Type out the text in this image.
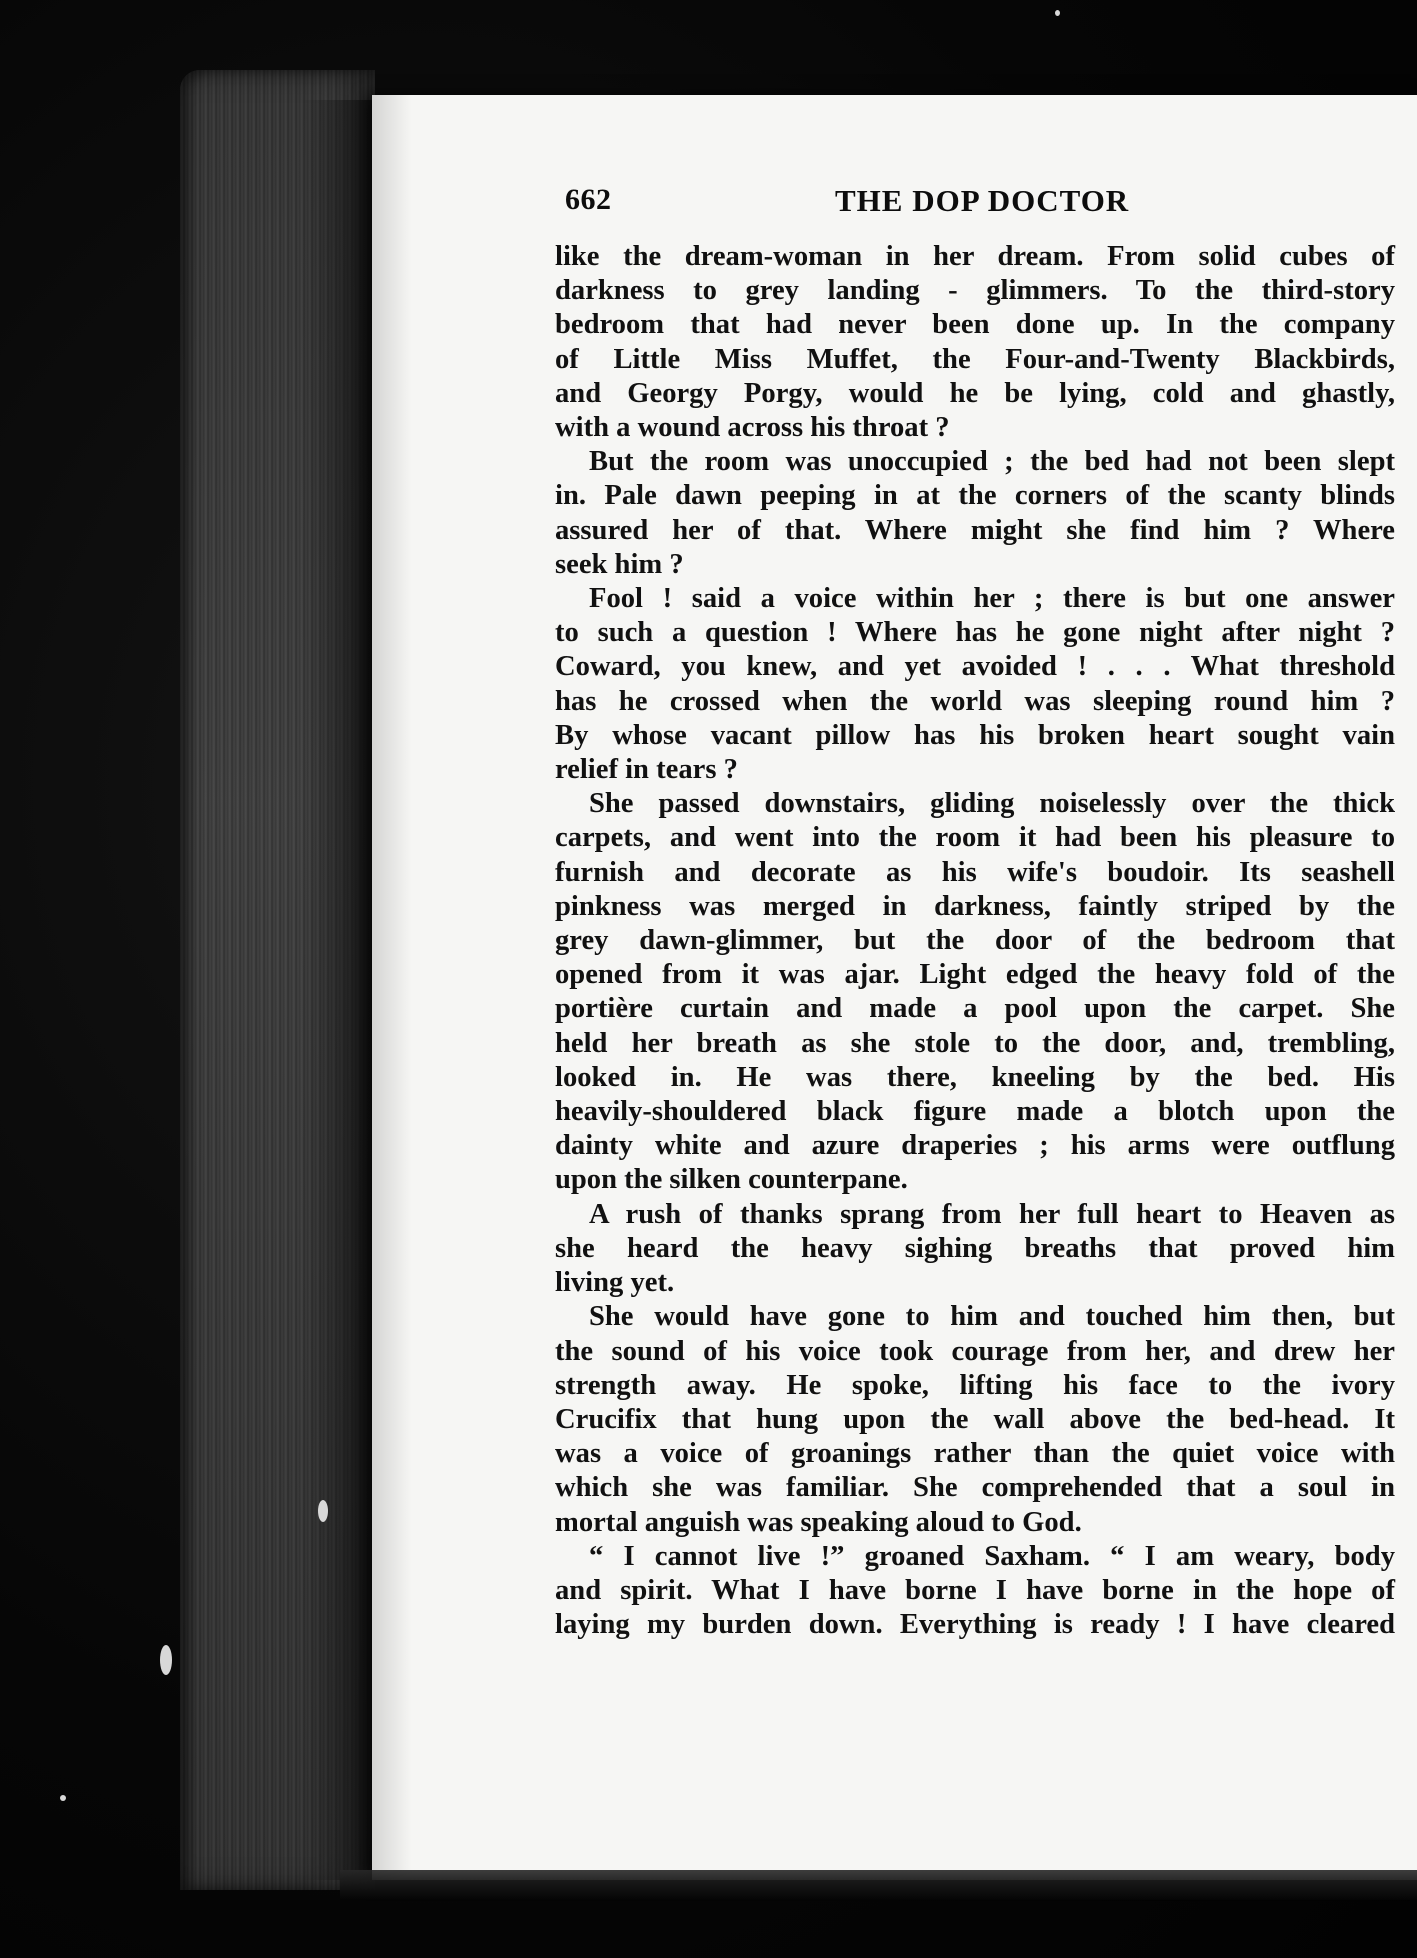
662	THE DOP DOCTOR

like the dream-woman in her dream. From solid cubes of
darkness to grey landing - glimmers. To the third-story
bedroom that had never been done up. In the company
of Little Miss Muffet, the Four-and-Twenty Blackbirds,
and Georgy Porgy, would he be lying, cold and ghastly,
with a wound across his throat ?

But the room was unoccupied ; the bed had not been slept
in. Pale dawn peeping in at the corners of the scanty blinds
assured her of that. Where might she find him ? Where
seek him ?

Fool ! said a voice within her ; there is but one answer
to such a question ! Where has he gone night after night ?
Coward, you knew, and yet avoided ! . . . What threshold
has he crossed when the world was sleeping round him ?
By whose vacant pillow has his broken heart sought vain
relief in tears ?

She passed downstairs, gliding noiselessly over the thick
carpets, and went into the room it had been his pleasure to
furnish and decorate as his wife's boudoir. Its seashell
pinkness was merged in darkness, faintly striped by the
grey dawn-glimmer, but the door of the bedroom that
opened from it was ajar. Light edged the heavy fold of the
portière curtain and made a pool upon the carpet. She
held her breath as she stole to the door, and, trembling,
looked in. He was there, kneeling by the bed. His
heavily-shouldered black figure made a blotch upon the
dainty white and azure draperies ; his arms were outflung
upon the silken counterpane.

A rush of thanks sprang from her full heart to Heaven as
she heard the heavy sighing breaths that proved him
living yet.

She would have gone to him and touched him then, but
the sound of his voice took courage from her, and drew her
strength away. He spoke, lifting his face to the ivory
Crucifix that hung upon the wall above the bed-head. It
was a voice of groanings rather than the quiet voice with
which she was familiar. She comprehended that a soul in
mortal anguish was speaking aloud to God.

“ I cannot live !” groaned Saxham. “ I am weary, body
and spirit. What I have borne I have borne in the hope of
laying my burden down. Everything is ready ! I have cleared
